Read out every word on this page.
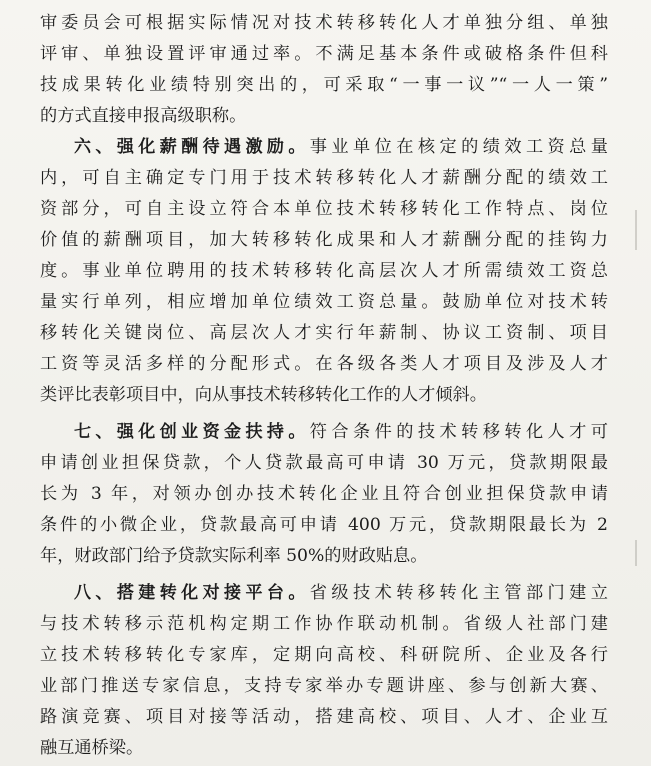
审委员会可根据实际情况对技术转移转化人才单独分组、单独
评审、单独设置评审通过率。不满足基本条件或破格条件但科
技成果转化业绩特别突出的，可采取“一事一议”“一人一策”
的方式直接申报高级职称。
六、强化薪酬待遇激励。事业单位在核定的绩效工资总量
内，可自主确定专门用于技术转移转化人才薪酬分配的绩效工
资部分，可自主设立符合本单位技术转移转化工作特点、岗位
价值的薪酬项目，加大转移转化成果和人才薪酬分配的挂钩力
度。事业单位聘用的技术转移转化高层次人才所需绩效工资总
量实行单列，相应增加单位绩效工资总量。鼓励单位对技术转
移转化关键岗位、高层次人才实行年薪制、协议工资制、项目
工资等灵活多样的分配形式。在各级各类人才项目及涉及人才
类评比表彰项目中，向从事技术转移转化工作的人才倾斜。
七、强化创业资金扶持。符合条件的技术转移转化人才可
申请创业担保贷款，个人贷款最高可申请 30 万元，贷款期限最
长为 3 年，对领办创办技术转化企业且符合创业担保贷款申请
条件的小微企业，贷款最高可申请 400 万元，贷款期限最长为 2
年，财政部门给予贷款实际利率 50%的财政贴息。
八、搭建转化对接平台。省级技术转移转化主管部门建立
与技术转移示范机构定期工作协作联动机制。省级人社部门建
立技术转移转化专家库，定期向高校、科研院所、企业及各行
业部门推送专家信息，支持专家举办专题讲座、参与创新大赛、
路演竞赛、项目对接等活动，搭建高校、项目、人才、企业互
融互通桥梁。
